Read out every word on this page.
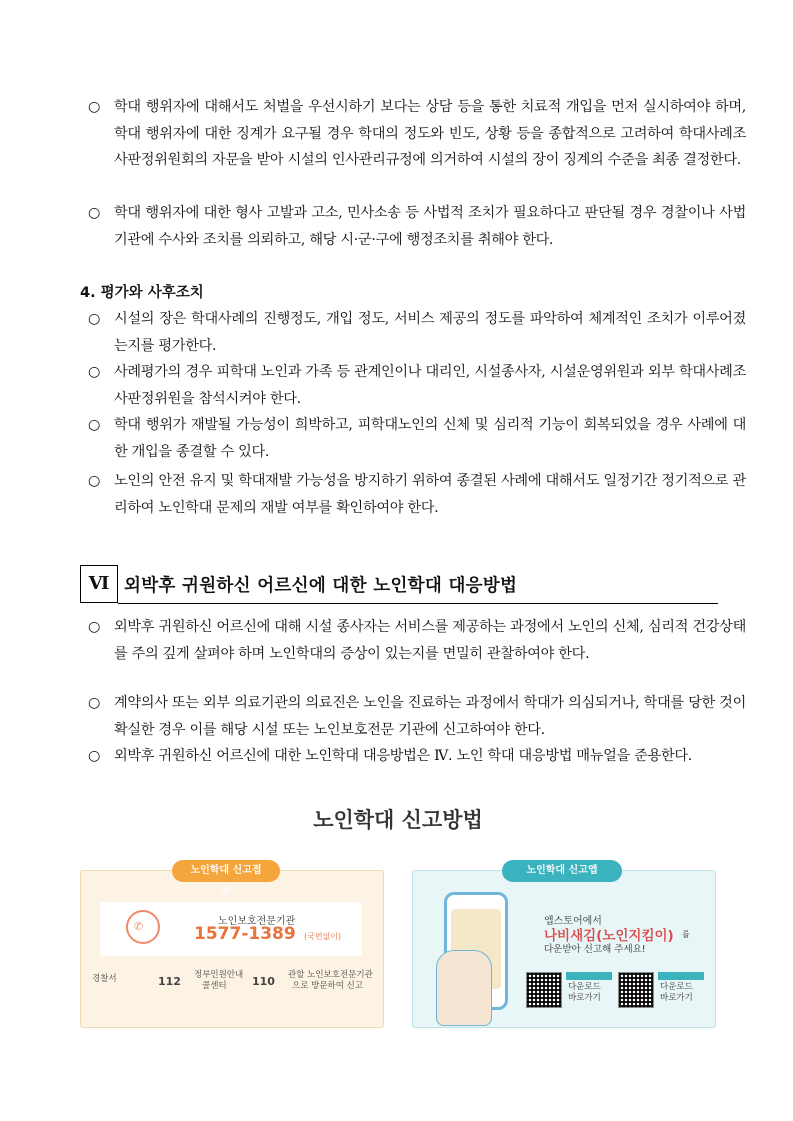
○ 학대 행위자에 대해서도 처벌을 우선시하기 보다는 상담 등을 통한 치료적 개입을 먼저 실시하여야 하며, 학대 행위자에 대한 징계가 요구될 경우 학대의 정도와 빈도, 상황 등을 종합적으로 고려하여 학대사례조사판정위원회의 자문을 받아 시설의 인사관리규정에 의거하여 시설의 장이 징계의 수준을 최종 결정한다.
○ 학대 행위자에 대한 형사 고발과 고소, 민사소송 등 사법적 조치가 필요하다고 판단될 경우 경찰이나 사법기관에 수사와 조치를 의뢰하고, 해당 시·군·구에 행정조치를 취해야 한다.
4. 평가와 사후조치
○ 시설의 장은 학대사례의 진행정도, 개입 정도, 서비스 제공의 정도를 파악하여 체계적인 조치가 이루어졌는지를 평가한다.
○ 사례평가의 경우 피학대 노인과 가족 등 관계인이나 대리인, 시설종사자, 시설운영위원과 외부 학대사례조사판정위원을 참석시켜야 한다.
○ 학대 행위가 재발될 가능성이 희박하고, 피학대노인의 신체 및 심리적 기능이 회복되었을 경우 사례에 대한 개입을 종결할 수 있다.
○ 노인의 안전 유지 및 학대재발 가능성을 방지하기 위하여 종결된 사례에 대해서도 일정기간 정기적으로 관리하여 노인학대 문제의 재발 여부를 확인하여야 한다.
Ⅵ 외박후 귀원하신 어르신에 대한 노인학대 대응방법
○ 외박후 귀원하신 어르신에 대해 시설 종사자는 서비스를 제공하는 과정에서 노인의 신체, 심리적 건강상태를 주의 깊게 살펴야 하며 노인학대의 증상이 있는지를 면밀히 관찰하여야 한다.
○ 계약의사 또는 외부 의료기관의 의료진은 노인을 진료하는 과정에서 학대가 의심되거나, 학대를 당한 것이 확실한 경우 이를 해당 시설 또는 노인보호전문 기관에 신고하여야 한다.
○ 외박후 귀원하신 어르신에 대한 노인학대 대응방법은 Ⅳ. 노인 학대 대응방법 매뉴얼을 준용한다.
노인학대 신고방법
노인학대 신고접수
✆	노인보호전문기관
1577-1389 (국번없이)
경찰서	112 정부민원안내
콜센터	110 관할 노인보호전문기관
으로 방문하여 신고
노인학대 신고앱
앱스토어에서
나비새김(노인지킴이) 를
다운받아 신고해 주세요!
다운로드
바로가기
다운로드
바로가기
